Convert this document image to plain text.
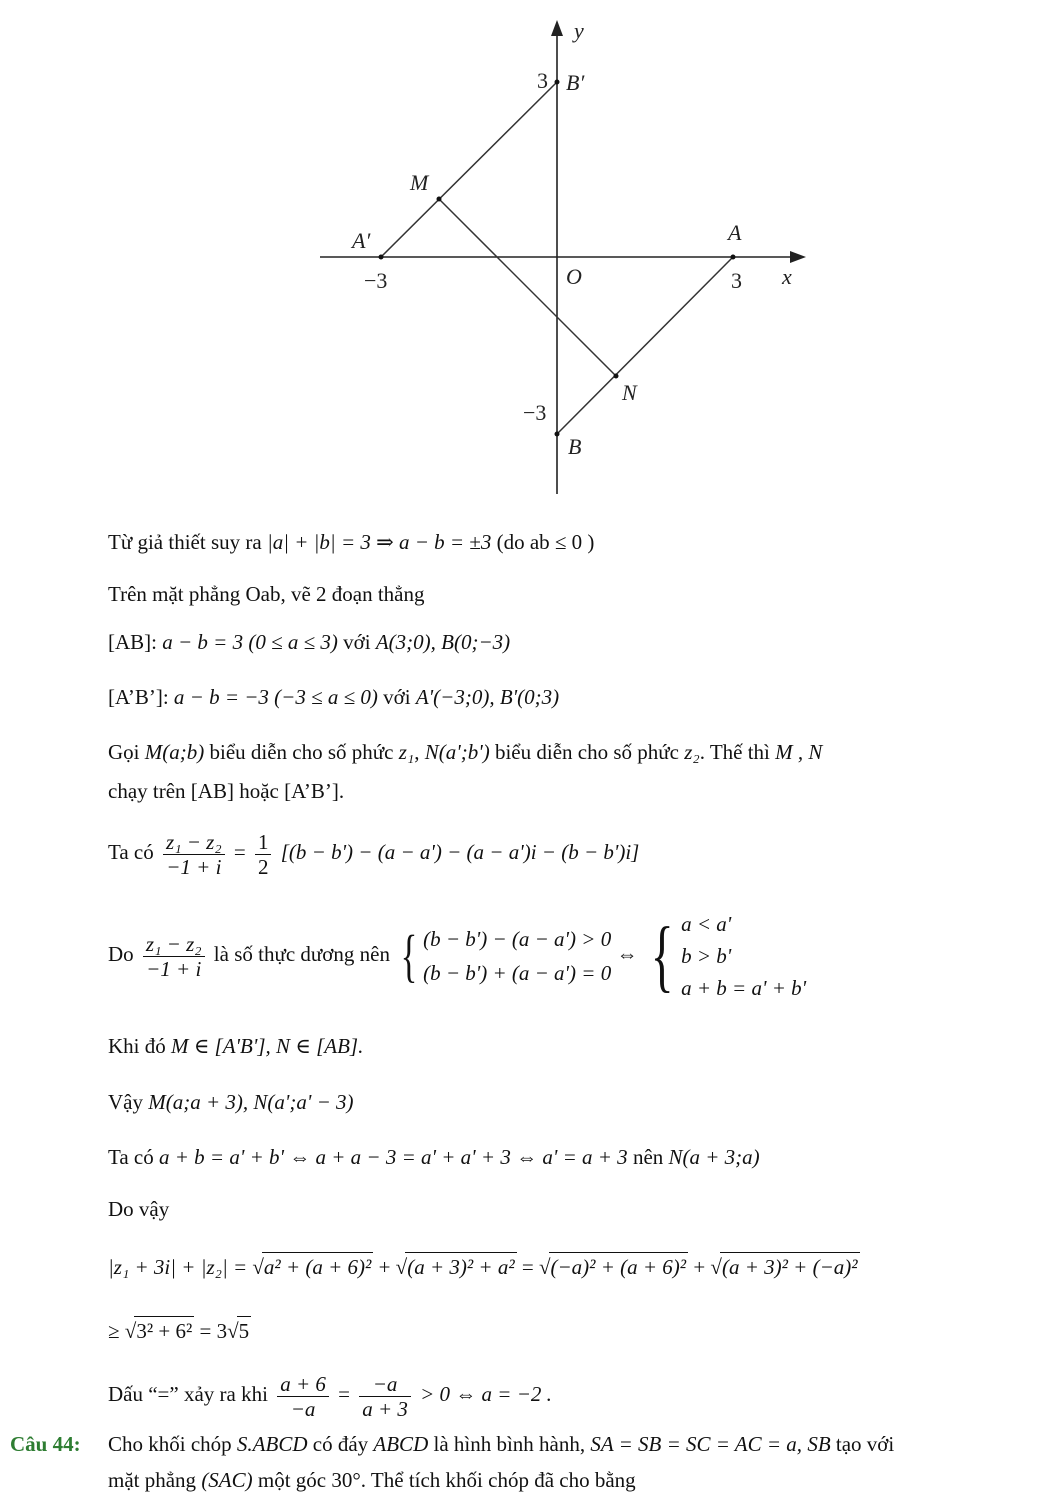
y
x
O
B′
M
A′	A
N
B
−3	3
3
−3
Từ giả thiết suy ra |a| + |b| = 3 ⇒ a − b = ±3 (do ab ≤ 0 )
Trên mặt phẳng Oab, vẽ 2 đoạn thẳng
[AB]: a − b = 3 (0 ≤ a ≤ 3) với A(3;0), B(0;−3)
[A’B’]: a − b = −3 (−3 ≤ a ≤ 0) với A'(−3;0), B'(0;3)
Gọi M(a;b) biểu diễn cho số phức z₁, N(a';b') biểu diễn cho số phức z₂. Thế thì M , N
chạy trên [AB] hoặc [A’B’].
Ta có $\frac{\text{z₁ − z₂}}{-1 + i} = \frac{1}{2} [(b - b') - (a - a') - (a - a')i - (b - b')i]$
Do $\frac{\text{z₁ − z₂}}{-1 + i}$ là số thực dương nên { (b − b') − (a − a') > 0
(b − b') + (a − a') = 0
⇔ { a < a'
b > b'
a + b = a' + b'
Khi đó M ∈ [A'B'], N ∈ [AB].
Vậy M(a;a + 3), N(a';a' − 3)
Ta có a + b = a' + b' ⇔ a + a − 3 = a' + a' + 3 ⇔ a' = a + 3 nên N(a + 3;a)
Do vậy
|z₁ + 3i| + |z₂| = √a² + (a + 6)² + √(a + 3)² + a² = √(−a)² + (a + 6)² + √(a + 3)² + (−a)²
≥ √3² + 6² = 3√5
Dấu “=” xảy ra khi $\frac{a + 6}{-a} = \frac{-a}{a + 3} > 0$ ⇔ a = −2 .
Câu 44: Cho khối chóp S.ABCD có đáy ABCD là hình bình hành, SA = SB = SC = AC = a, SB tạo với
mặt phẳng (SAC) một góc 30°. Thể tích khối chóp đã cho bằng
